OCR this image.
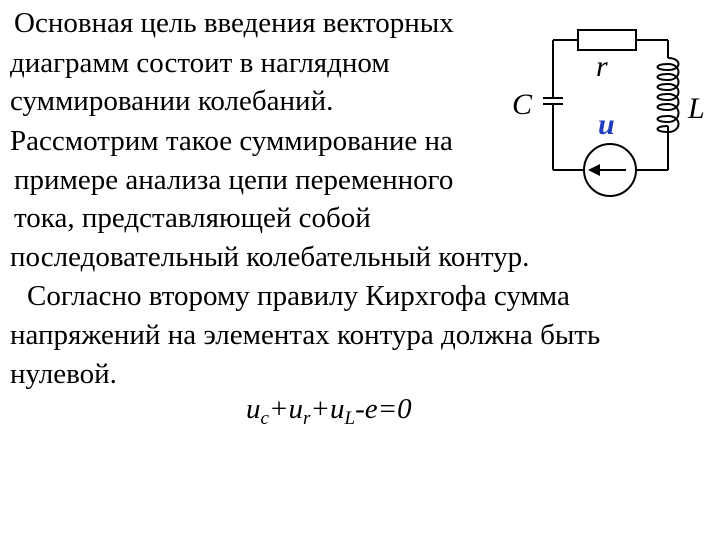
Основная цель введения векторных
диаграмм состоит в наглядном
суммировании колебаний.
Рассмотрим такое суммирование на
примере анализа цепи переменного
тока, представляющей собой
последовательный колебательный контур.
Согласно второму правилу Кирхгофа сумма
напряжений на элементах контура должна быть
нулевой.
$u_c+u_r+u_L-e=0$
r
C
u L
